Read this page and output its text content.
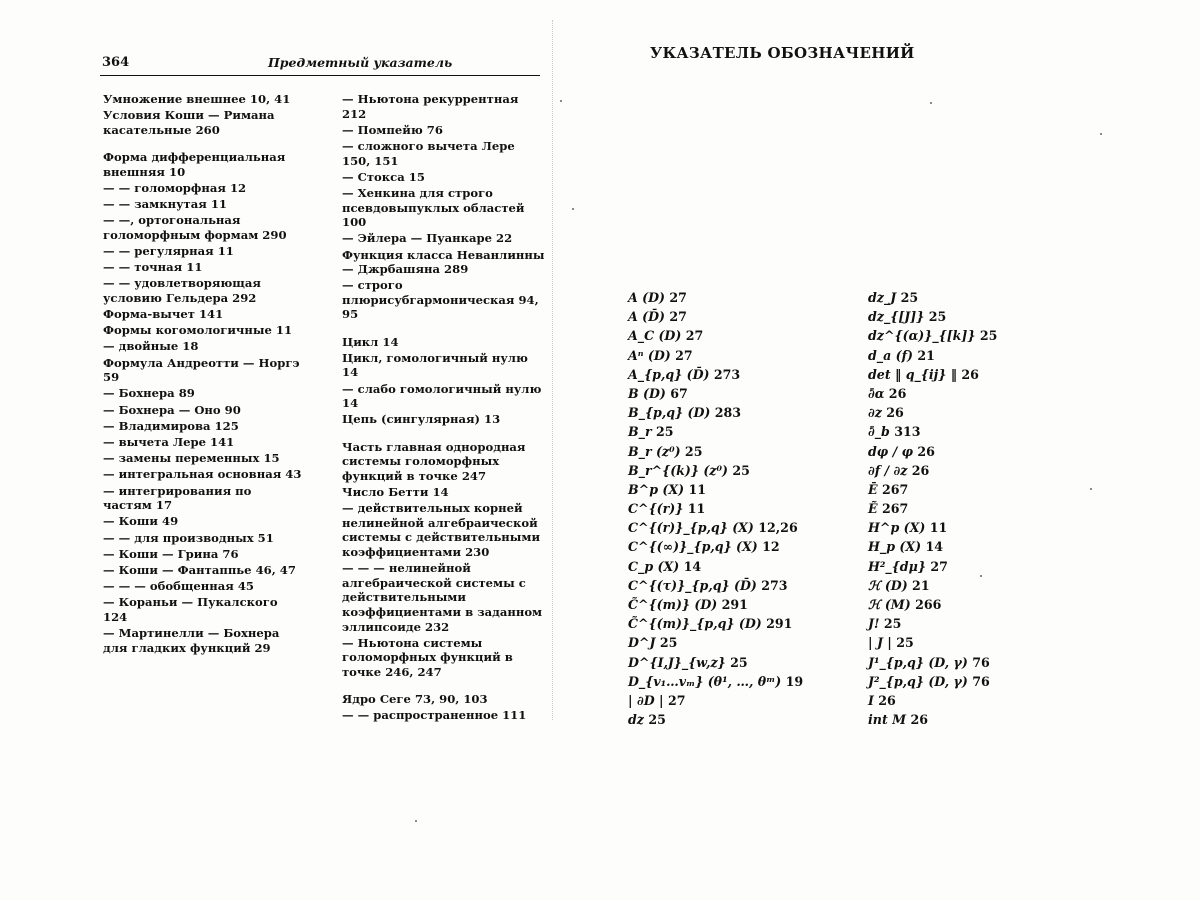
364	Предметный указатель
Умножение внешнее 10, 41
Условия Коши — Римана касательные 260
Форма дифференциальная внешняя 10
— — голоморфная 12
— — замкнутая 11
— —, ортогональная голоморфным формам 290
— — регулярная 11
— — точная 11
— — удовлетворяющая условию Гельдера 292
Форма-вычет 141
Формы когомологичные 11
— двойные 18
Формула Андреотти — Норгэ 59
— Бохнера 89
— Бохнера — Оно 90
— Владимирова 125
— вычета Лере 141
— замены переменных 15
— интегральная основная 43
— интегрирования по частям 17
— Коши 49
— — для производных 51
— Коши — Грина 76
— Коши — Фантаппье 46, 47
— — — обобщенная 45
— Кораньи — Пукалского 124
— Мартинелли — Бохнера для гладких функций 29
— Ньютона рекуррентная 212
— Помпейю 76
— сложного вычета Лере 150, 151
— Стокса 15
— Хенкина для строго псевдовыпуклых областей 100
— Эйлера — Пуанкаре 22
Функция класса Неванлинны — Джрбашяна 289
— строго плюрисубгармоническая 94, 95
Цикл 14
Цикл, гомологичный нулю 14
— слабо гомологичный нулю 14
Цепь (сингулярная) 13
Часть главная однородная системы голоморфных функций в точке 247
Число Бетти 14
— действительных корней нелинейной алгебраической системы с действительными коэффициентами 230
— — — нелинейной алгебраической системы с действительными коэффициентами в заданном эллипсоиде 232
— Ньютона системы голоморфных функций в точке 246, 247
Ядро Сеге 73, 90, 103
— — распространенное 111
УКАЗАТЕЛЬ ОБОЗНАЧЕНИЙ
A (D) 27
A (D̄) 27
A_C (D) 27
Aⁿ (D) 27
A_{p,q} (D̄) 273
B (D) 67
B_{p,q} (D) 283
B_r 25
B_r (z⁰) 25
B_r^{(k)} (z⁰) 25
B^p (X) 11
C^{(r)} 11
C^{(r)}_{p,q} (X) 12,26
C^{(∞)}_{p,q} (X) 12
C_p (X) 14
C^{(τ)}_{p,q} (D̄) 273
C̃^{(m)} (D) 291
C̃^{(m)}_{p,q} (D) 291
D^J 25
D^{I,J}_{w,z} 25
D_{v₁…vₘ} (θ¹, …, θᵐ) 19
| ∂D | 27
dz 25
dz_J 25
dz_{[J]} 25
dz^{(α)}_{[k]} 25
d_a (f) 21
det ‖ q_{ij} ‖ 26
∂̄α 26
∂z 26
∂̄_b 313
dφ / φ 26
∂f / ∂z 26
Ē 267
Ẽ 267
H^p (X) 11
H_p (X) 14
H²_{dμ} 27
ℋ (D) 21
ℋ (M) 266
J! 25
| J | 25
J¹_{p,q} (D, γ) 76
J²_{p,q} (D, γ) 76
I 26
int M 26
